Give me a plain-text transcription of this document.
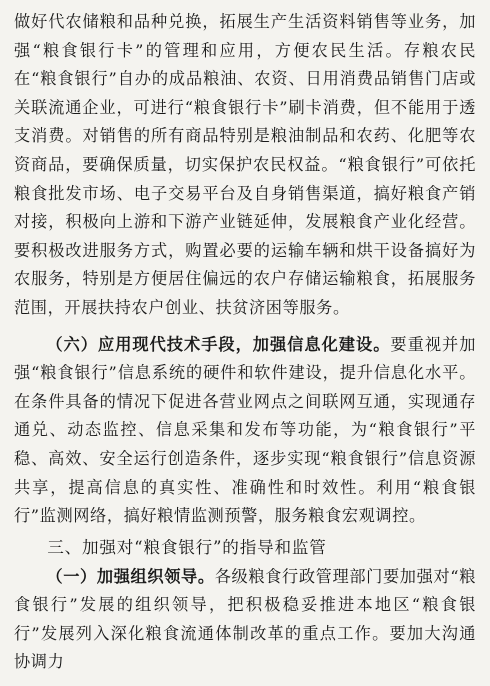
做好代农储粮和品种兑换，拓展生产生活资料销售等业务，加强“粮食银行卡”的管理和应用，方便农民生活。存粮农民在“粮食银行”自办的成品粮油、农资、日用消费品销售门店或关联流通企业，可进行“粮食银行卡”刷卡消费，但不能用于透支消费。对销售的所有商品特别是粮油制品和农药、化肥等农资商品，要确保质量，切实保护农民权益。“粮食银行”可依托粮食批发市场、电子交易平台及自身销售渠道，搞好粮食产销对接，积极向上游和下游产业链延伸，发展粮食产业化经营。要积极改进服务方式，购置必要的运输车辆和烘干设备搞好为农服务，特别是方便居住偏远的农户存储运输粮食，拓展服务范围，开展扶持农户创业、扶贫济困等服务。

（六）应用现代技术手段，加强信息化建设。要重视并加强“粮食银行”信息系统的硬件和软件建设，提升信息化水平。在条件具备的情况下促进各营业网点之间联网互通，实现通存通兑、动态监控、信息采集和发布等功能，为“粮食银行”平稳、高效、安全运行创造条件，逐步实现“粮食银行”信息资源共享，提高信息的真实性、准确性和时效性。利用“粮食银行”监测网络，搞好粮情监测预警，服务粮食宏观调控。

三、加强对“粮食银行”的指导和监管

（一）加强组织领导。各级粮食行政管理部门要加强对“粮食银行”发展的组织领导，把积极稳妥推进本地区“粮食银行”发展列入深化粮食流通体制改革的重点工作。要加大沟通协调力
